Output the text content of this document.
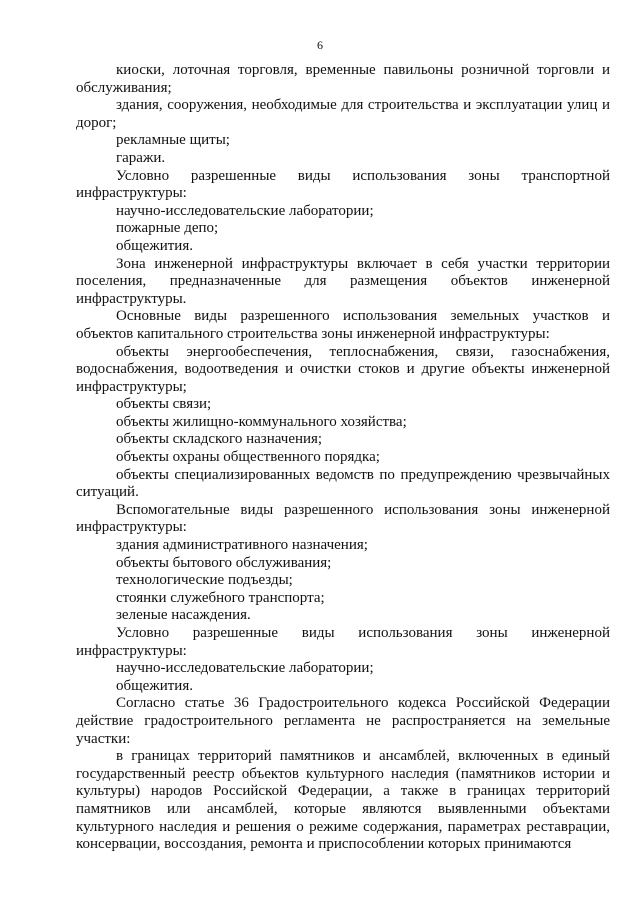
6

киоски, лоточная торговля, временные павильоны розничной торговли и обслуживания;

здания, сооружения, необходимые для строительства и эксплуатации улиц и дорог;

рекламные щиты;

гаражи.

Условно разрешенные виды использования зоны транспортной инфраструктуры:

научно-исследовательские лаборатории;

пожарные депо;

общежития.

Зона инженерной инфраструктуры включает в себя участки территории поселения, предназначенные для размещения объектов инженерной инфраструктуры.

Основные виды разрешенного использования земельных участков и объектов капитального строительства зоны инженерной инфраструктуры:

объекты энергообеспечения, теплоснабжения, связи, газоснабжения, водоснабжения, водоотведения и очистки стоков и другие объекты инженерной инфраструктуры;

объекты связи;

объекты жилищно-коммунального хозяйства;

объекты складского назначения;

объекты охраны общественного порядка;

объекты специализированных ведомств по предупреждению чрезвычайных ситуаций.

Вспомогательные виды разрешенного использования зоны инженерной инфраструктуры:

здания административного назначения;

объекты бытового обслуживания;

технологические подъезды;

стоянки служебного транспорта;

зеленые насаждения.

Условно разрешенные виды использования зоны инженерной инфраструктуры:

научно-исследовательские лаборатории;

общежития.

Согласно статье 36 Градостроительного кодекса Российской Федерации действие градостроительного регламента не распространяется на земельные участки:

в границах территорий памятников и ансамблей, включенных в единый государственный реестр объектов культурного наследия (памятников истории и культуры) народов Российской Федерации, а также в границах территорий памятников или ансамблей, которые являются выявленными объектами культурного наследия и решения о режиме содержания, параметрах реставрации, консервации, воссоздания, ремонта и приспособлении которых принимаются
